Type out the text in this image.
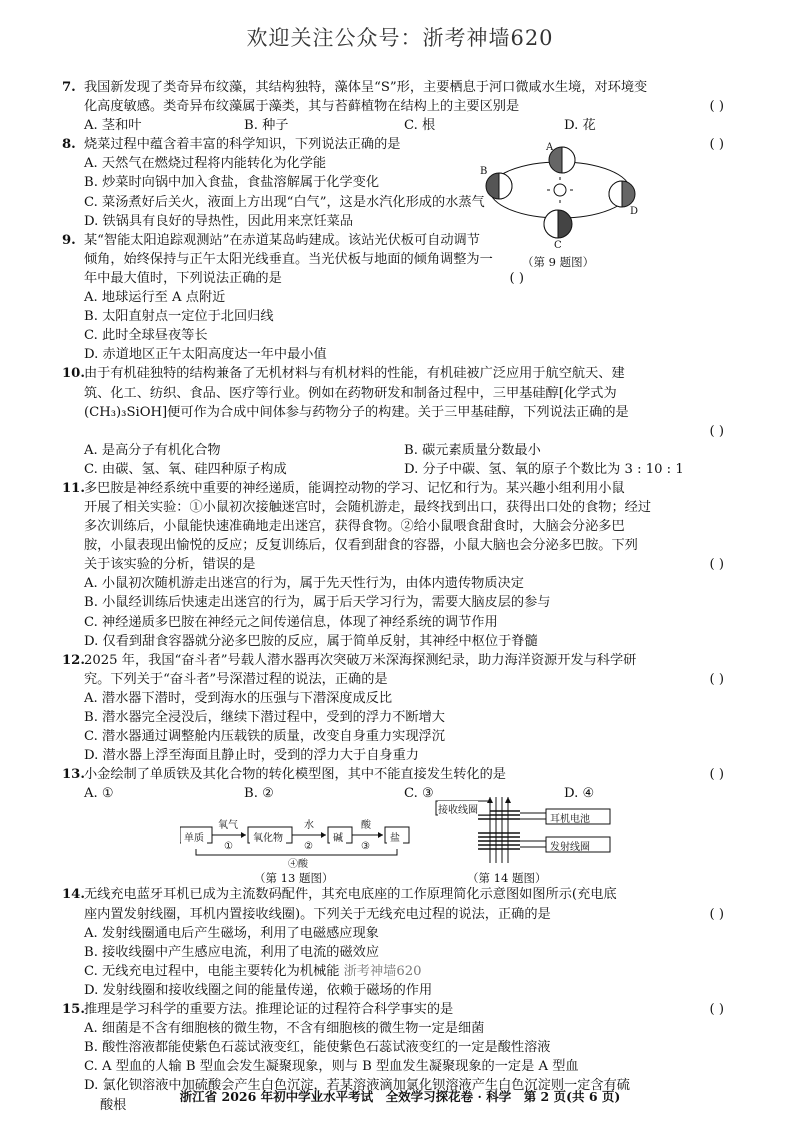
欢迎关注公众号：浙考神墙620
7. 我国新发现了类奇异布纹藻，其结构独特，藻体呈“S”形，主要栖息于河口微咸水生境，对环境变
化高度敏感。类奇异布纹藻属于藻类，其与苔藓植物在结构上的主要区别是	( )
A. 茎和叶	B. 种子	C. 根	D. 花
8. 烧菜过程中蕴含着丰富的科学知识，下列说法正确的是	( )
A. 天然气在燃烧过程将内能转化为化学能
B. 炒菜时向锅中加入食盐，食盐溶解属于化学变化
C. 菜汤煮好后关火，液面上方出现“白气”，这是水汽化形成的水蒸气
D. 铁锅具有良好的导热性，因此用来烹饪菜品
9. 某“智能太阳追踪观测站”在赤道某岛屿建成。该站光伏板可自动调节
倾角，始终保持与正午太阳光线垂直。当光伏板与地面的倾角调整为一
年中最大值时，下列说法正确的是	( )
A. 地球运行至 A 点附近
B. 太阳直射点一定位于北回归线
C. 此时全球昼夜等长
D. 赤道地区正午太阳高度达一年中最小值
10.由于有机硅独特的结构兼备了无机材料与有机材料的性能，有机硅被广泛应用于航空航天、建
筑、化工、纺织、食品、医疗等行业。例如在药物研发和制备过程中，三甲基硅醇[化学式为
(CH₃)₃SiOH]便可作为合成中间体参与药物分子的构建。关于三甲基硅醇，下列说法正确的是
( )
A. 是高分子有机化合物	B. 碳元素质量分数最小
C. 由碳、氢、氧、硅四种原子构成	D. 分子中碳、氢、氧的原子个数比为 3 : 10 : 1
11.多巴胺是神经系统中重要的神经递质，能调控动物的学习、记忆和行为。某兴趣小组利用小鼠
开展了相关实验：①小鼠初次接触迷宫时，会随机游走，最终找到出口，获得出口处的食物；经过
多次训练后，小鼠能快速准确地走出迷宫，获得食物。②给小鼠喂食甜食时，大脑会分泌多巴
胺，小鼠表现出愉悦的反应；反复训练后，仅看到甜食的容器，小鼠大脑也会分泌多巴胺。下列
关于该实验的分析，错误的是	( )
A. 小鼠初次随机游走出迷宫的行为，属于先天性行为，由体内遗传物质决定
B. 小鼠经训练后快速走出迷宫的行为，属于后天学习行为，需要大脑皮层的参与
C. 神经递质多巴胺在神经元之间传递信息，体现了神经系统的调节作用
D. 仅看到甜食容器就分泌多巴胺的反应，属于简单反射，其神经中枢位于脊髓
12.2025 年，我国“奋斗者”号载人潜水器再次突破万米深海探测纪录，助力海洋资源开发与科学研
究。下列关于“奋斗者”号深潜过程的说法，正确的是	( )
A. 潜水器下潜时，受到海水的压强与下潜深度成反比
B. 潜水器完全浸没后，继续下潜过程中，受到的浮力不断增大
C. 潜水器通过调整舱内压载铁的质量，改变自身重力实现浮沉
D. 潜水器上浮至海面且静止时，受到的浮力大于自身重力
13.小金绘制了单质铁及其化合物的转化模型图，其中不能直接发生转化的是	( )
A. ①	B. ②	C. ③	D. ④
单质	氧化物	碱	盐
氧气
①
水
②
酸
③
④酸
（第 13 题图）
接收线圈
耳机电池
发射线圈
（第 14 题图）
14.无线充电蓝牙耳机已成为主流数码配件，其充电底座的工作原理简化示意图如图所示(充电底
座内置发射线圈，耳机内置接收线圈)。下列关于无线充电过程的说法，正确的是	( )
A. 发射线圈通电后产生磁场，利用了电磁感应现象
B. 接收线圈中产生感应电流，利用了电流的磁效应
C. 无线充电过程中，电能主要转化为机械能 浙考神墙620
D. 发射线圈和接收线圈之间的能量传递，依赖于磁场的作用
15.推理是学习科学的重要方法。推理论证的过程符合科学事实的是	( )
A. 细菌是不含有细胞核的微生物，不含有细胞核的微生物一定是细菌
B. 酸性溶液都能使紫色石蕊试液变红，能使紫色石蕊试液变红的一定是酸性溶液
C. A 型血的人输 B 型血会发生凝聚现象，则与 B 型血发生凝聚现象的一定是 A 型血
D. 氯化钡溶液中加硫酸会产生白色沉淀，若某溶液滴加氯化钡溶液产生白色沉淀则一定含有硫
酸根
A
B
C
D
（第 9 题图）
浙江省 2026 年初中学业水平考试　全效学习探花卷 · 科学　第 2 页(共 6 页)
